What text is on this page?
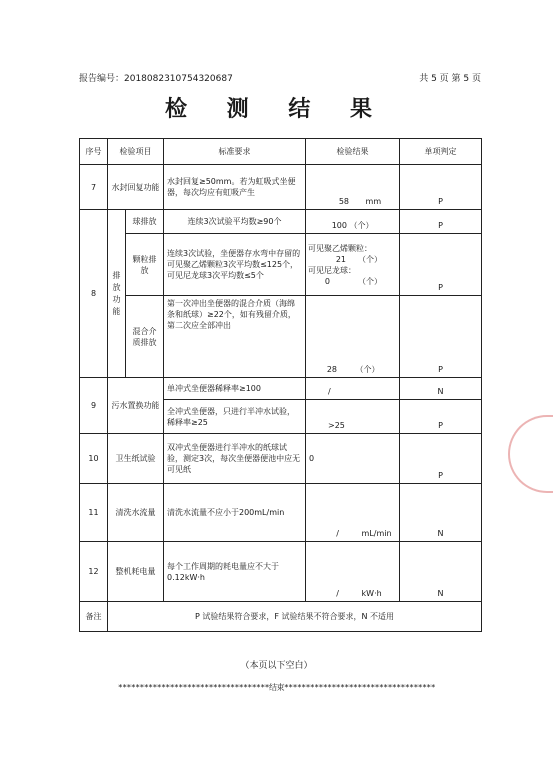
报告编号：2018082310754320687	共 5 页 第 5 页
检 测 结 果
序号	检验项目		标准要求	检验结果	单项判定
7	水封回复功能		水封回复≥50mm。若为虹吸式坐便器，每次均应有虹吸产生	58 mm	P
8	排放功能	球排放	连续3次试验平均数≥90个	100 （个）	P
		颗粒排放	连续3次试验，坐便器存水弯中存留的可见聚乙烯颗粒3次平均数≤125个，可见尼龙球3次平均数≤5个	可见聚乙烯颗粒：
21 （个）
可见尼龙球：
0 （个）	P
		混合介质排放	第一次冲出坐便器的混合介质（海绵条和纸球）≥22个，如有残留介质，第二次应全部冲出	28 （个）	P
9	污水置换功能		单冲式坐便器稀释率≥100	/	N
			全冲式坐便器，只进行半冲水试验，稀释率≥25	>25	P
10	卫生纸试验		双冲式坐便器进行半冲水的纸球试验，测定3次，每次坐便器便池中应无可见纸	0	P
11	清洗水流量		清洗水流量不应小于200mL/min	/ mL/min	N
12	整机耗电量		每个工作周期的耗电量应不大于0.12kW·h	/ kW·h	N
备注	P 试验结果符合要求，F 试验结果不符合要求，N 不适用				
（本页以下空白）
***********************************结束***********************************
